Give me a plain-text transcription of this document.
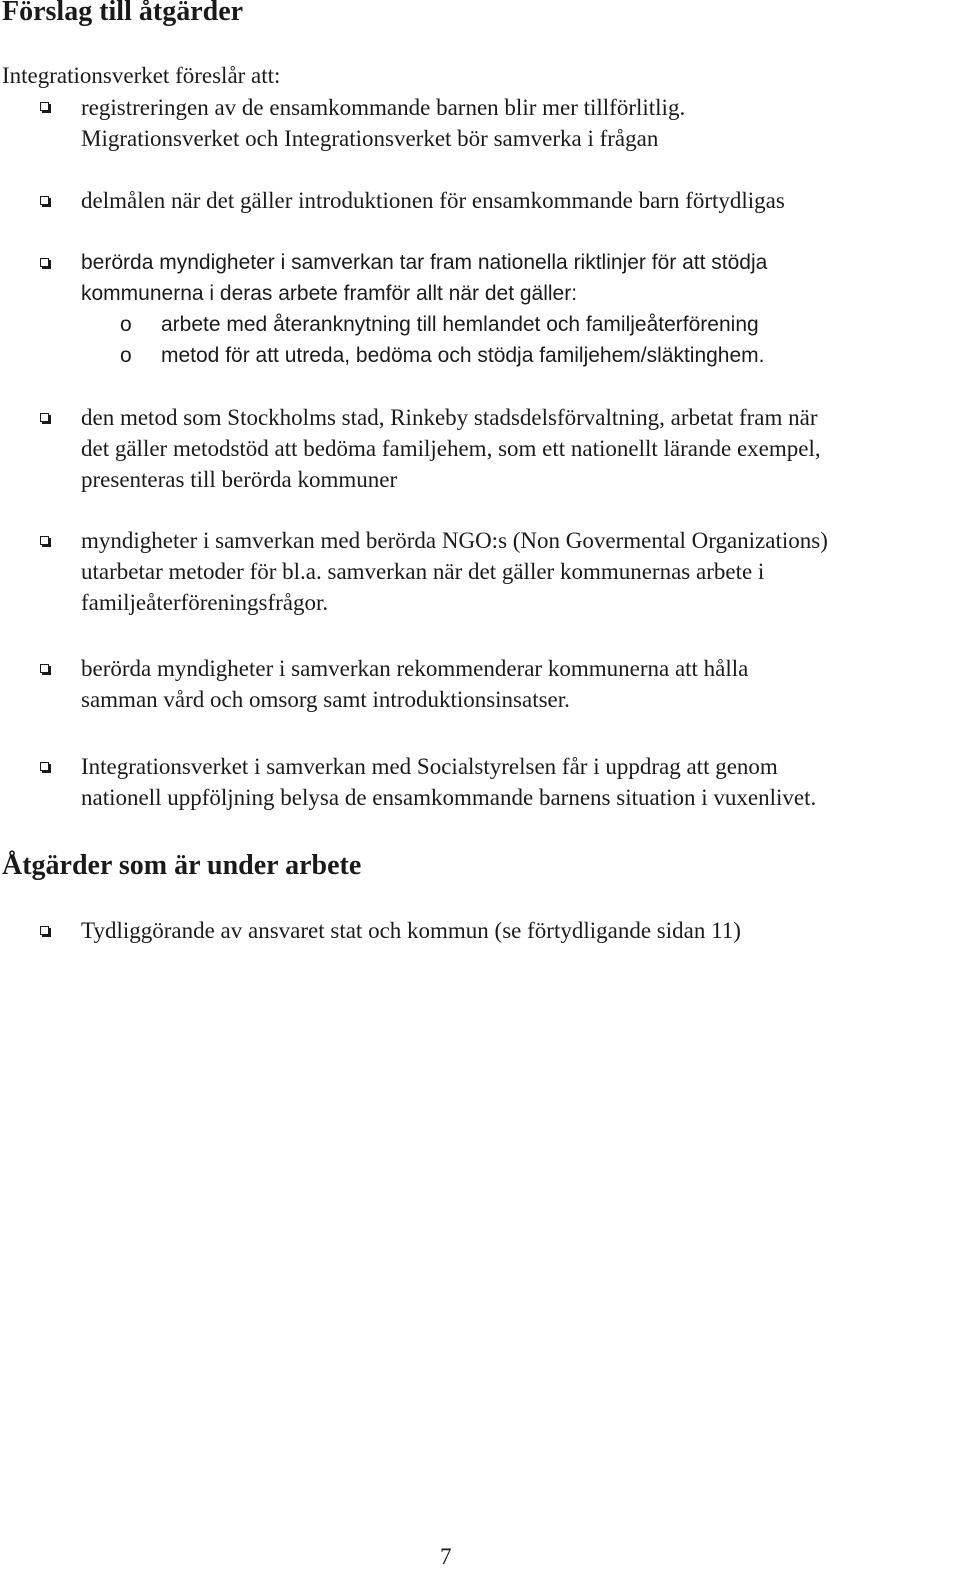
Förslag till åtgärder

Integrationsverket föreslår att:

registreringen av de ensamkommande barnen blir mer tillförlitlig.

Migrationsverket och Integrationsverket bör samverka i frågan

delmålen när det gäller introduktionen för ensamkommande barn förtydligas

berörda myndigheter i samverkan tar fram nationella riktlinjer för att stödja

kommunerna i deras arbete framför allt när det gäller:

o arbete med återanknytning till hemlandet och familjeåterförening

o metod för att utreda, bedöma och stödja familjehem/släktinghem.

den metod som Stockholms stad, Rinkeby stadsdelsförvaltning, arbetat fram när

det gäller metodstöd att bedöma familjehem, som ett nationellt lärande exempel,

presenteras till berörda kommuner

myndigheter i samverkan med berörda NGO:s (Non Govermental Organizations)

utarbetar metoder för bl.a. samverkan när det gäller kommunernas arbete i

familjeåterföreningsfrågor.

berörda myndigheter i samverkan rekommenderar kommunerna att hålla

samman vård och omsorg samt introduktionsinsatser.

Integrationsverket i samverkan med Socialstyrelsen får i uppdrag att genom

nationell uppföljning belysa de ensamkommande barnens situation i vuxenlivet.

Åtgärder som är under arbete

Tydliggörande av ansvaret stat och kommun (se förtydligande sidan 11)

7
